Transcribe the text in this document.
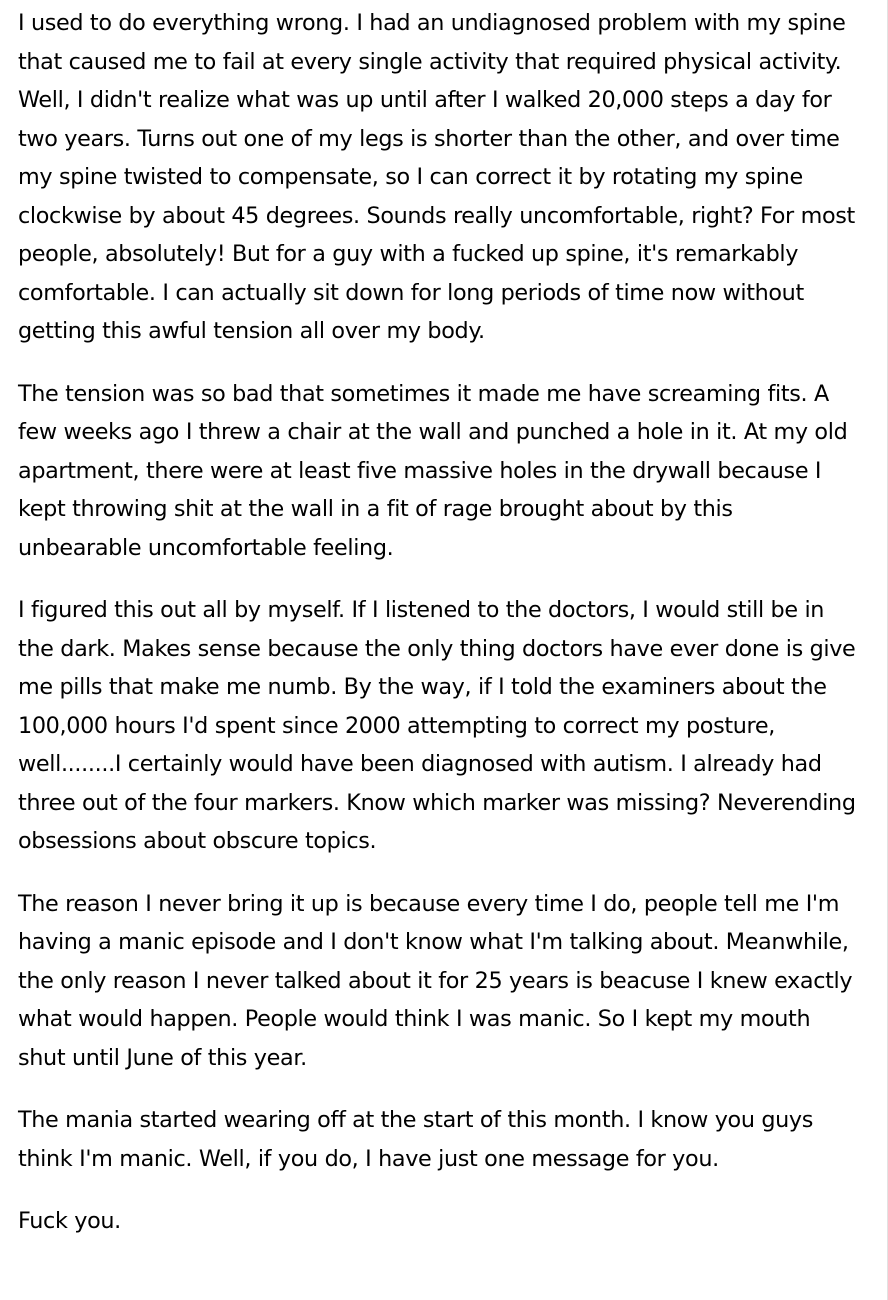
I used to do everything wrong. I had an undiagnosed problem with my spine that caused me to fail at every single activity that required physical activity. Well, I didn't realize what was up until after I walked 20,000 steps a day for two years. Turns out one of my legs is shorter than the other, and over time my spine twisted to compensate, so I can correct it by rotating my spine clockwise by about 45 degrees. Sounds really uncomfortable, right? For most people, absolutely! But for a guy with a fucked up spine, it's remarkably comfortable. I can actually sit down for long periods of time now without getting this awful tension all over my body.

The tension was so bad that sometimes it made me have screaming fits. A few weeks ago I threw a chair at the wall and punched a hole in it. At my old apartment, there were at least five massive holes in the drywall because I kept throwing shit at the wall in a fit of rage brought about by this unbearable uncomfortable feeling.

I figured this out all by myself. If I listened to the doctors, I would still be in the dark. Makes sense because the only thing doctors have ever done is give me pills that make me numb. By the way, if I told the examiners about the 100,000 hours I'd spent since 2000 attempting to correct my posture, well........I certainly would have been diagnosed with autism. I already had three out of the four markers. Know which marker was missing? Neverending obsessions about obscure topics.

The reason I never bring it up is because every time I do, people tell me I'm having a manic episode and I don't know what I'm talking about. Meanwhile, the only reason I never talked about it for 25 years is beacuse I knew exactly what would happen. People would think I was manic. So I kept my mouth shut until June of this year.

The mania started wearing off at the start of this month. I know you guys think I'm manic. Well, if you do, I have just one message for you.

Fuck you.
